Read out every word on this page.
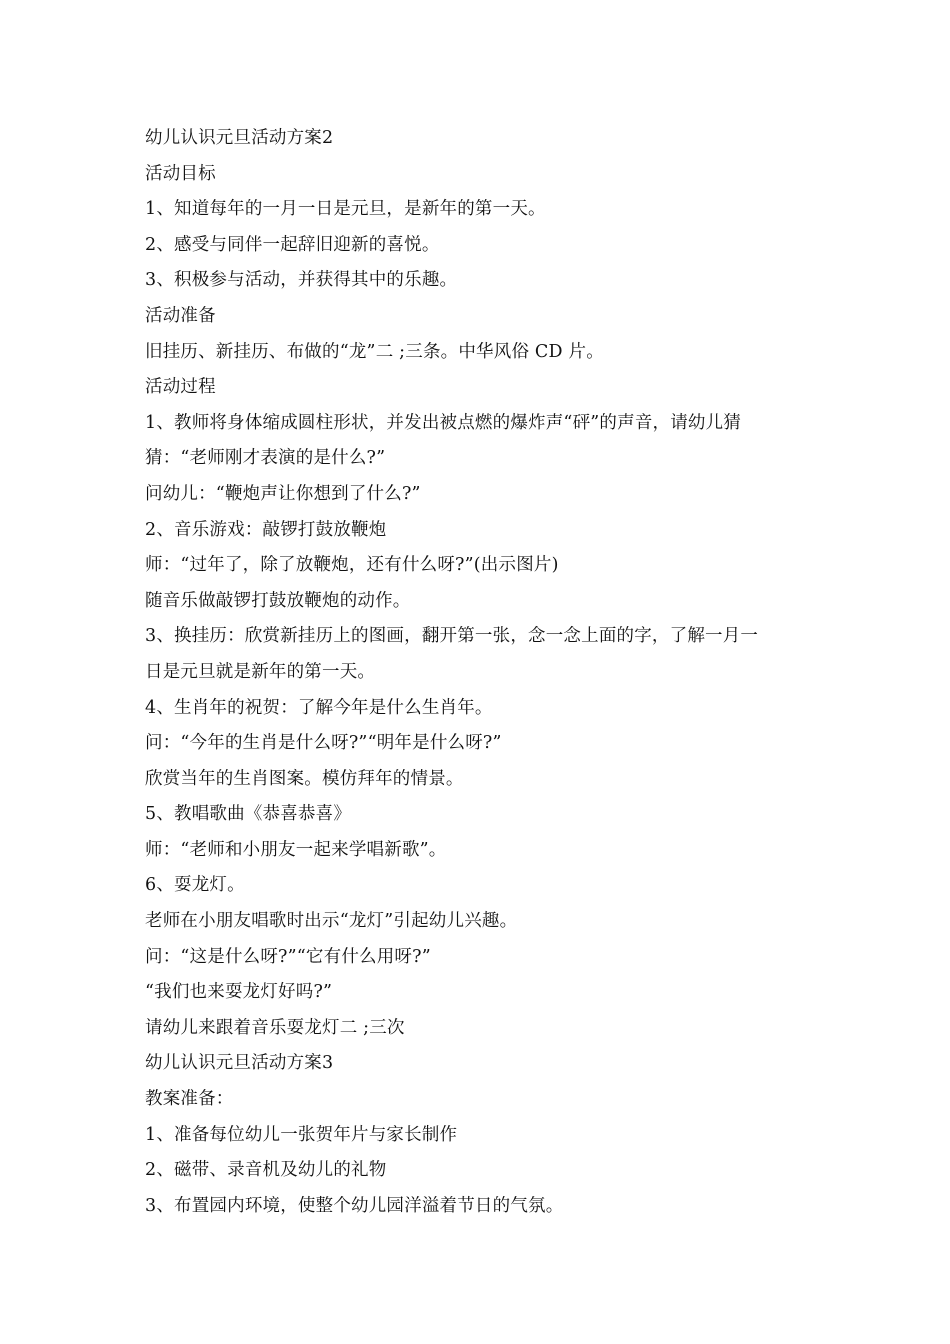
幼儿认识元旦活动方案2

活动目标

1、知道每年的一月一日是元旦，是新年的第一天。

2、感受与同伴一起辞旧迎新的喜悦。

3、积极参与活动，并获得其中的乐趣。

活动准备

旧挂历、新挂历、布做的“龙”二 ;三条。中华风俗 CD 片。

活动过程

1、教师将身体缩成圆柱形状，并发出被点燃的爆炸声“砰”的声音，请幼儿猜

猜：“老师刚才表演的是什么?”

问幼儿：“鞭炮声让你想到了什么?”

2、音乐游戏：敲锣打鼓放鞭炮

师：“过年了，除了放鞭炮，还有什么呀?”(出示图片)

随音乐做敲锣打鼓放鞭炮的动作。

3、换挂历：欣赏新挂历上的图画，翻开第一张，念一念上面的字，了解一月一

日是元旦就是新年的第一天。

4、生肖年的祝贺：了解今年是什么生肖年。

问：“今年的生肖是什么呀?”“明年是什么呀?”

欣赏当年的生肖图案。模仿拜年的情景。

5、教唱歌曲《恭喜恭喜》

师：“老师和小朋友一起来学唱新歌”。

6、耍龙灯。

老师在小朋友唱歌时出示“龙灯”引起幼儿兴趣。

问：“这是什么呀?”“它有什么用呀?”

“我们也来耍龙灯好吗?”

请幼儿来跟着音乐耍龙灯二 ;三次

幼儿认识元旦活动方案3

教案准备：

1、准备每位幼儿一张贺年片与家长制作

2、磁带、录音机及幼儿的礼物

3、布置园内环境，使整个幼儿园洋溢着节日的气氛。
